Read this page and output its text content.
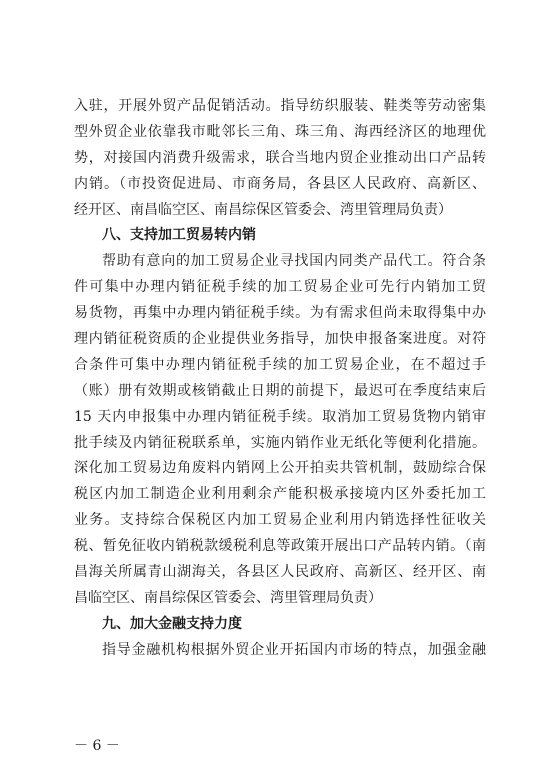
入驻，开展外贸产品促销活动。指导纺织服装、鞋类等劳动密集
型外贸企业依靠我市毗邻长三角、珠三角、海西经济区的地理优
势，对接国内消费升级需求，联合当地内贸企业推动出口产品转
内销。（市投资促进局、市商务局，各县区人民政府、高新区、
经开区、南昌临空区、南昌综保区管委会、湾里管理局负责）
八、支持加工贸易转内销
帮助有意向的加工贸易企业寻找国内同类产品代工。符合条
件可集中办理内销征税手续的加工贸易企业可先行内销加工贸
易货物，再集中办理内销征税手续。为有需求但尚未取得集中办
理内销征税资质的企业提供业务指导，加快申报备案进度。对符
合条件可集中办理内销征税手续的加工贸易企业，在不超过手
（账）册有效期或核销截止日期的前提下，最迟可在季度结束后
15 天内申报集中办理内销征税手续。取消加工贸易货物内销审
批手续及内销征税联系单，实施内销作业无纸化等便利化措施。
深化加工贸易边角废料内销网上公开拍卖共管机制，鼓励综合保
税区内加工制造企业利用剩余产能积极承接境内区外委托加工
业务。支持综合保税区内加工贸易企业利用内销选择性征收关
税、暂免征收内销税款缓税利息等政策开展出口产品转内销。（南
昌海关所属青山湖海关，各县区人民政府、高新区、经开区、南
昌临空区、南昌综保区管委会、湾里管理局负责）
九、加大金融支持力度
指导金融机构根据外贸企业开拓国内市场的特点，加强金融
－ 6 －
